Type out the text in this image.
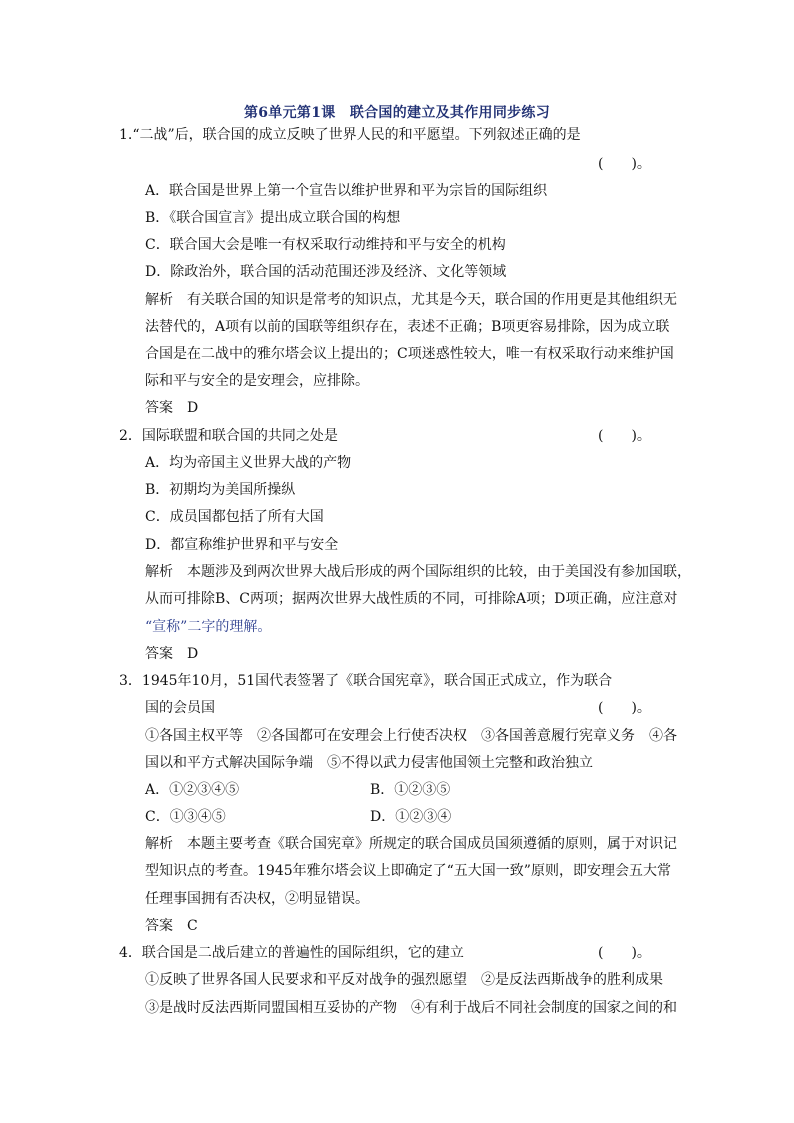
第6单元第1课　联合国的建立及其作用同步练习
1.“二战”后，联合国的成立反映了世界人民的和平愿望。下列叙述正确的是
(　　)。
A．联合国是世界上第一个宣告以维护世界和平为宗旨的国际组织
B．《联合国宣言》提出成立联合国的构想
C．联合国大会是唯一有权采取行动维持和平与安全的机构
D．除政治外，联合国的活动范围还涉及经济、文化等领域
解析　有关联合国的知识是常考的知识点，尤其是今天，联合国的作用更是其他组织无
法替代的，A项有以前的国联等组织存在，表述不正确；B项更容易排除，因为成立联
合国是在二战中的雅尔塔会议上提出的；C项迷惑性较大，唯一有权采取行动来维护国
际和平与安全的是安理会，应排除。
答案　D
2．国际联盟和联合国的共同之处是	(　　)。
A．均为帝国主义世界大战的产物
B．初期均为美国所操纵
C．成员国都包括了所有大国
D．都宣称维护世界和平与安全
解析　本题涉及到两次世界大战后形成的两个国际组织的比较，由于美国没有参加国联，
从而可排除B、C两项；据两次世界大战性质的不同，可排除A项；D项正确，应注意对
“宣称”二字的理解。
答案　D
3．1945年10月，51国代表签署了《联合国宪章》，联合国正式成立，作为联合
国的会员国	(　　)。
①各国主权平等　②各国都可在安理会上行使否决权　③各国善意履行宪章义务　④各
国以和平方式解决国际争端　⑤不得以武力侵害他国领土完整和政治独立
A．①②③④⑤	B．①②③⑤
C．①③④⑤	D．①②③④
解析　本题主要考查《联合国宪章》所规定的联合国成员国须遵循的原则，属于对识记
型知识点的考查。1945年雅尔塔会议上即确定了“五大国一致”原则，即安理会五大常
任理事国拥有否决权，②明显错误。
答案　C
4．联合国是二战后建立的普遍性的国际组织，它的建立	(　　)。
①反映了世界各国人民要求和平反对战争的强烈愿望　②是反法西斯战争的胜利成果
③是战时反法西斯同盟国相互妥协的产物　④有利于战后不同社会制度的国家之间的和
